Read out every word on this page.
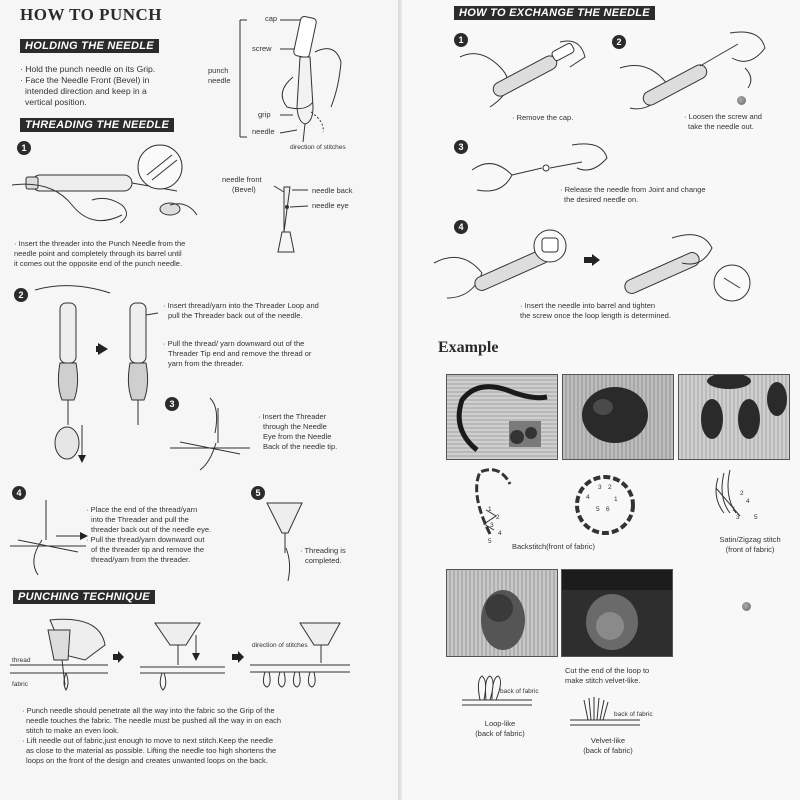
HOW TO PUNCH
HOLDING THE NEEDLE
· Hold the punch needle on its Grip.
· Face the Needle Front (Bevel) in
intended direction and keep in a
vertical position.
cap
screw
punch
needle
grip
needle
direction of stitches
THREADING THE NEEDLE
1
needle front
(Bevel)	needle back
needle eye
· Insert the threader into the Punch Needle from the
needle point and completely through its barrel until
it comes out the opposite end of the punch needle.
2
· Insert thread/yarn into the Threader Loop and
pull the Threader back out of the needle.
· Pull the thread/ yarn downward out of the
Threader Tip end and remove the thread or
yarn from the threader.
3
· Insert the Threader
through the Needle
Eye from the Needle
Back of the needle tip.
4
· Place the end of the thread/yarn
into the Threader and pull the
threader back out of the needle eye.
· Pull the thread/yarn downward out
of the threader tip and remove the
thread/yarn from the threader.
5
· Threading is
completed.
PUNCHING TECHNIQUE
thread
fabric
direction of stitches
· Punch needle should penetrate all the way into the fabric so the Grip of the
needle touches the fabric. The needle must be pushed all the way in on each
stitch to make an even look.
· Lift needle out of fabric,just enough to move to next stitch.Keep the needle
as close to the material as possible. Lifting the needle too high shortens the
loops on the front of the design and creates unwanted loops on the back.
HOW TO EXCHANGE THE NEEDLE
1
· Remove the cap.
2
· Loosen the screw and
take the needle out.
3
· Release the needle from Joint and change
the desired needle on.
4
· Insert the needle into barrel and tighten
the screw once the loop length is determined.
Example
1
2
3
4
5
Backstitch(front of fabric)
3 2
4	1
5 6
2
4
1
3	5
Satin/Zigzag stitch
(front of fabric)
Cut the end of the loop to
make stitch velvet-like.
back of fabric
Loop-like
(back of fabric)
back of fabric
Velvet-like
(back of fabric)
